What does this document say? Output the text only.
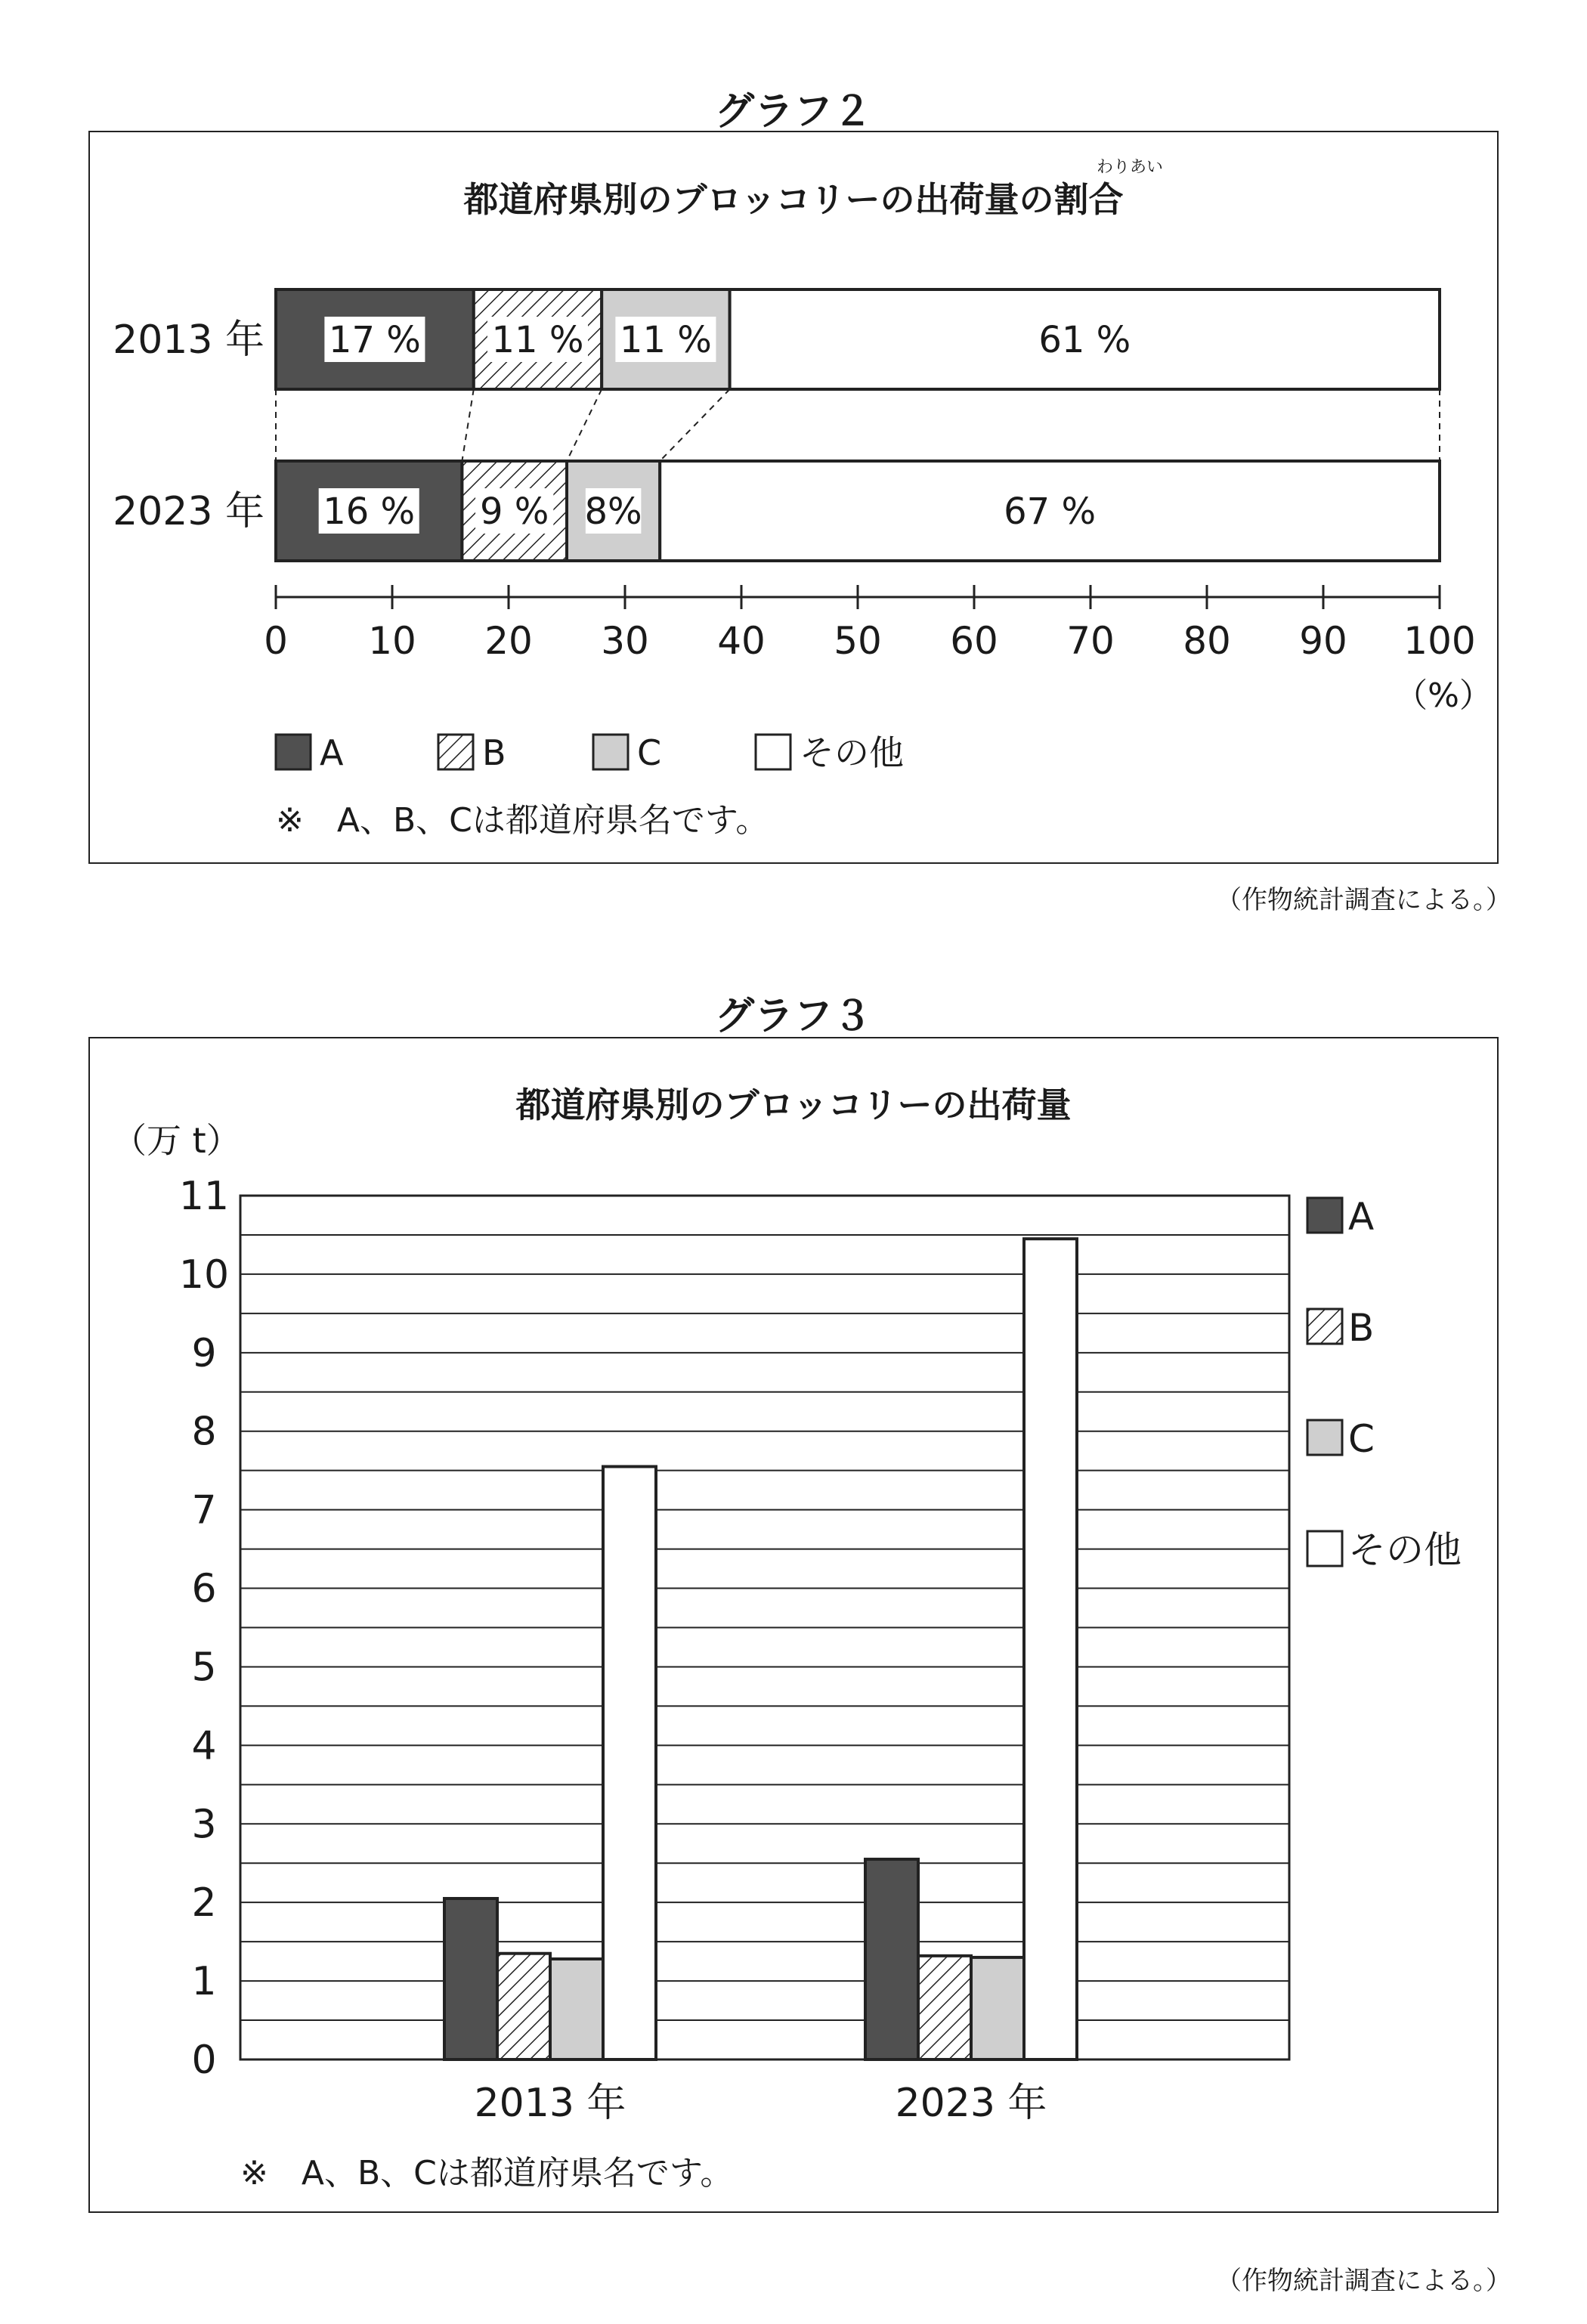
グラフ２
都道府県別のブロッコリーの出荷量の割合
わりあい
2013 年 17 % 11 % 11 %	61 %
2023 年 16 % 9 % 8%	67 %
0 10 20 30 40 50 60 70 80 90 100
（%）
A	B	C	その他
※　A、B、Cは都道府県名です。
（作物統計調査による。）
グラフ３
都道府県別のブロッコリーの出荷量
（万 t）
0
1
2
3
4
5
6
7
8
9
10
11
2013 年	2023 年
A
B
C
その他
※　A、B、Cは都道府県名です。
（作物統計調査による。）
